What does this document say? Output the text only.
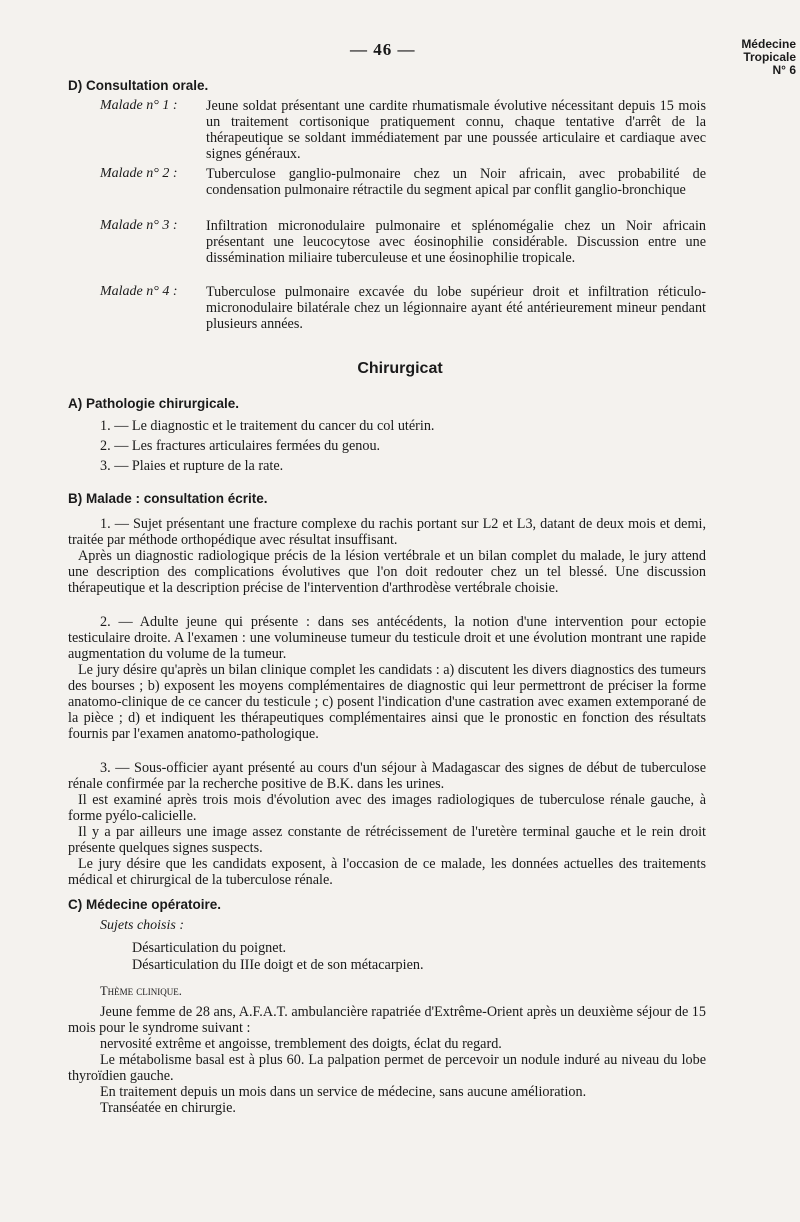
— 46 —	Médecine
Tropicale
N° 6
D) Consultation orale.
Malade n° 1 : Jeune soldat présentant une cardite rhumatismale évolutive nécessitant depuis 15 mois un traitement cortisonique pratiquement connu, chaque tentative d'arrêt de la thérapeutique se soldant immédiatement par une poussée articulaire et cardiaque avec signes généraux.
Malade n° 2 : Tuberculose ganglio-pulmonaire chez un Noir africain, avec probabilité de condensation pulmonaire rétractile du segment apical par conflit ganglio-bronchique
Malade n° 3 : Infiltration micronodulaire pulmonaire et splénomégalie chez un Noir africain présentant une leucocytose avec éosinophilie considérable. Discussion entre une dissémination miliaire tuberculeuse et une éosinophilie tropicale.
Malade n° 4 : Tuberculose pulmonaire excavée du lobe supérieur droit et infiltration réticulo-micronodulaire bilatérale chez un légionnaire ayant été antérieurement mineur pendant plusieurs années.
Chirurgicat
A) Pathologie chirurgicale.
1. — Le diagnostic et le traitement du cancer du col utérin.
2. — Les fractures articulaires fermées du genou.
3. — Plaies et rupture de la rate.
B) Malade : consultation écrite.
1. — Sujet présentant une fracture complexe du rachis portant sur L2 et L3, datant de deux mois et demi, traitée par méthode orthopédique avec résultat insuffisant.
Après un diagnostic radiologique précis de la lésion vertébrale et un bilan complet du malade, le jury attend une description des complications évolutives que l'on doit redouter chez un tel blessé. Une discussion thérapeutique et la description précise de l'intervention d'arthrodèse vertébrale choisie.
2. — Adulte jeune qui présente : dans ses antécédents, la notion d'une intervention pour ectopie testiculaire droite. A l'examen : une volumineuse tumeur du testicule droit et une évolution montrant une rapide augmentation du volume de la tumeur.
Le jury désire qu'après un bilan clinique complet les candidats : a) discutent les divers diagnostics des tumeurs des bourses ; b) exposent les moyens complémentaires de diagnostic qui leur permettront de préciser la forme anatomo-clinique de ce cancer du testicule ; c) posent l'indication d'une castration avec examen extemporané de la pièce ; d) et indiquent les thérapeutiques complémentaires ainsi que le pronostic en fonction des résultats fournis par l'examen anatomo-pathologique.
3. — Sous-officier ayant présenté au cours d'un séjour à Madagascar des signes de début de tuberculose rénale confirmée par la recherche positive de B.K. dans les urines.
Il est examiné après trois mois d'évolution avec des images radiologiques de tuberculose rénale gauche, à forme pyélo-calicielle.
Il y a par ailleurs une image assez constante de rétrécissement de l'uretère terminal gauche et le rein droit présente quelques signes suspects.
Le jury désire que les candidats exposent, à l'occasion de ce malade, les données actuelles des traitements médical et chirurgical de la tuberculose rénale.
C) Médecine opératoire.
Sujets choisis :
Désarticulation du poignet.
Désarticulation du IIIe doigt et de son métacarpien.
Thème clinique.
Jeune femme de 28 ans, A.F.A.T. ambulancière rapatriée d'Extrême-Orient après un deuxième séjour de 15 mois pour le syndrome suivant :
nervosité extrême et angoisse, tremblement des doigts, éclat du regard.
Le métabolisme basal est à plus 60. La palpation permet de percevoir un nodule induré au niveau du lobe thyroïdien gauche.
En traitement depuis un mois dans un service de médecine, sans aucune amélioration.
Transéatée en chirurgie.
